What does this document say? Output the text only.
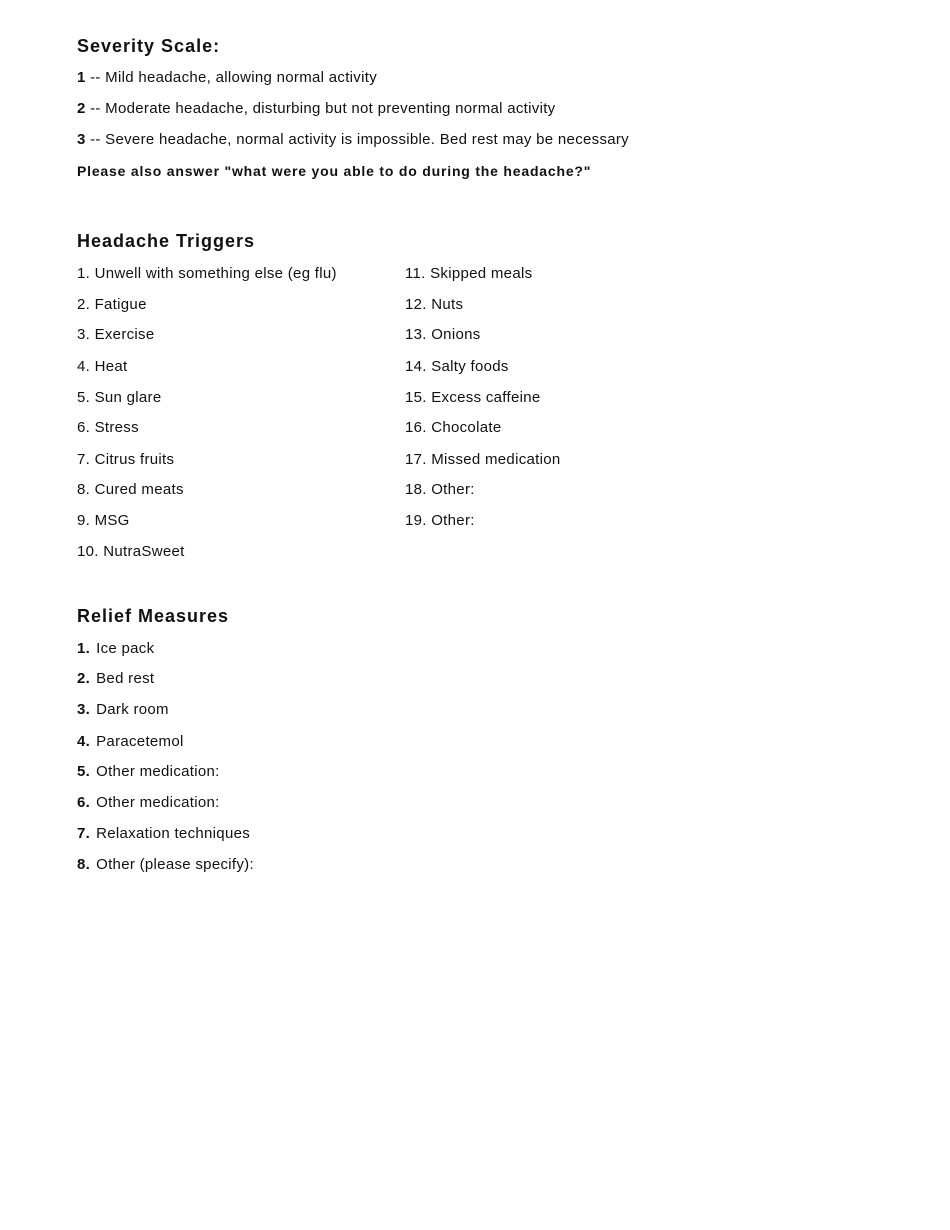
Severity Scale:
1 -- Mild headache, allowing normal activity
2 -- Moderate headache, disturbing but not preventing normal activity
3 -- Severe headache, normal activity is impossible. Bed rest may be necessary
Please also answer "what were you able to do during the headache?"
Headache Triggers
1. Unwell with something else (eg flu)
2. Fatigue
3. Exercise
4. Heat
5. Sun glare
6. Stress
7. Citrus fruits
8. Cured meats
9. MSG
10. NutraSweet
11. Skipped meals
12. Nuts
13. Onions
14. Salty foods
15. Excess caffeine
16. Chocolate
17. Missed medication
18. Other:
19. Other:
Relief Measures
1. Ice pack
2. Bed rest
3. Dark room
4. Paracetemol
5. Other medication:
6. Other medication:
7. Relaxation techniques
8. Other (please specify):
